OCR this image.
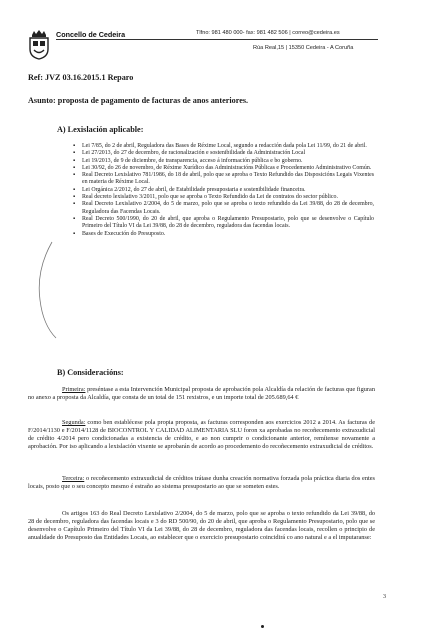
Concello de Cedeira	Tlfno: 981 480 000- fax: 981 482 506 | correo@cedeira.es
Rúa Real,15 | 15350 Cedeira - A Coruña
Ref: JVZ 03.16.2015.1 Reparo
Asunto: proposta de pagamento de facturas de anos anteriores.
A) Lexislación aplicable:
▪ Lei 7/85, do 2 de abril, Reguladora das Bases de Réxime Local, segundo a redacción dada pola Lei 11/99, do 21 de abril.
▪ Lei 27/2013, do 27 de decembro, de racionalización e sostenibilidade da Administración Local
▪ Lei 19/2013, de 9 de diciembre, de transparencia, acceso á información pública e bo goberno.
▪ Lei 30/92, do 26 de novembro, de Réxime Xurídico das Administracións Públicas e Procedemento Administrativo Común.
▪ Real Decreto Lexislativo 781/1986, do 18 de abril, polo que se aproba o Texto Refundido das Disposicións Legais Vixentes en materia de Réxime Local.
▪ Lei Orgánica 2/2012, do 27 de abril, de Estabilidade presupostaria e sostenibilidade financeira.
▪ Real decreto lexislativo 3/2011, polo que se aproba o Texto Refundido da Lei de contratos do sector público.
▪ Real Decreto Lexislativo 2/2004, do 5 de marzo, polo que se aproba o texto refundido da Lei 39/88, do 28 de decembro, Reguladora das Facendas Locais.
▪ Real Decreto 500/1990, do 20 de abril, que aproba o Regulamento Presupostario, polo que se desenvolve o Capítulo Primeiro del Título VI da Lei 39/88, do 28 de decembro, reguladora das facendas locais.
▪ Bases de Execución do Presuposto.
B) Consideracións:

Primeira: preséntase a esta Intervención Municipal proposta de aprobación pola Alcaldía da relación de facturas que figuran no anexo a proposta da Alcaldía, que consta de un total de 151 rexistros, e un importe total de 205.689,64 €

Segunda: como ben establécese pola propia proposta, as facturas corresponden aos exercicios 2012 a 2014. As facturas de F/2014/1130 e F/2014/1128 de BIOCONTROL Y CALIDAD ALIMENTARIA SLU foron xa aprobadas no recoñecemento extraxudicial de crédito 4/2014 pero condicionadas a existencia de crédito, e ao non cumprir o condicionante anterior, remítense novamente a aprobación. Por iso aplicando a lexislación vixente se aprobarán de acordo ao procedemento do recoñecemento extraxudicial de créditos.

Terceira: o recoñecemento extraxudicial de créditos trátase dunha creación normativa forzada pola práctica diaria dos entes locais, posto que o seu concepto mesmo é estraño ao sistema presupostario ao que se someten estes.

Os artigos 163 do Real Decreto Lexislativo 2/2004, do 5 de marzo, polo que se aproba o texto refundido da Lei 39/88, do 28 de decembro, reguladora das facendas locais e 3 do RD 500/90, do 20 de abril, que aproba o Regulamento Presupostario, polo que se desenvolve o Capítulo Primeiro del Título VI da Lei 39/88, do 28 de decembro, reguladora das facendas locais, recollen o principio de anualidade do Presuposto das Entidades Locais, ao establecer que o exercicio presupostario coincidirá co ano natural e a el imputaranse:

3
